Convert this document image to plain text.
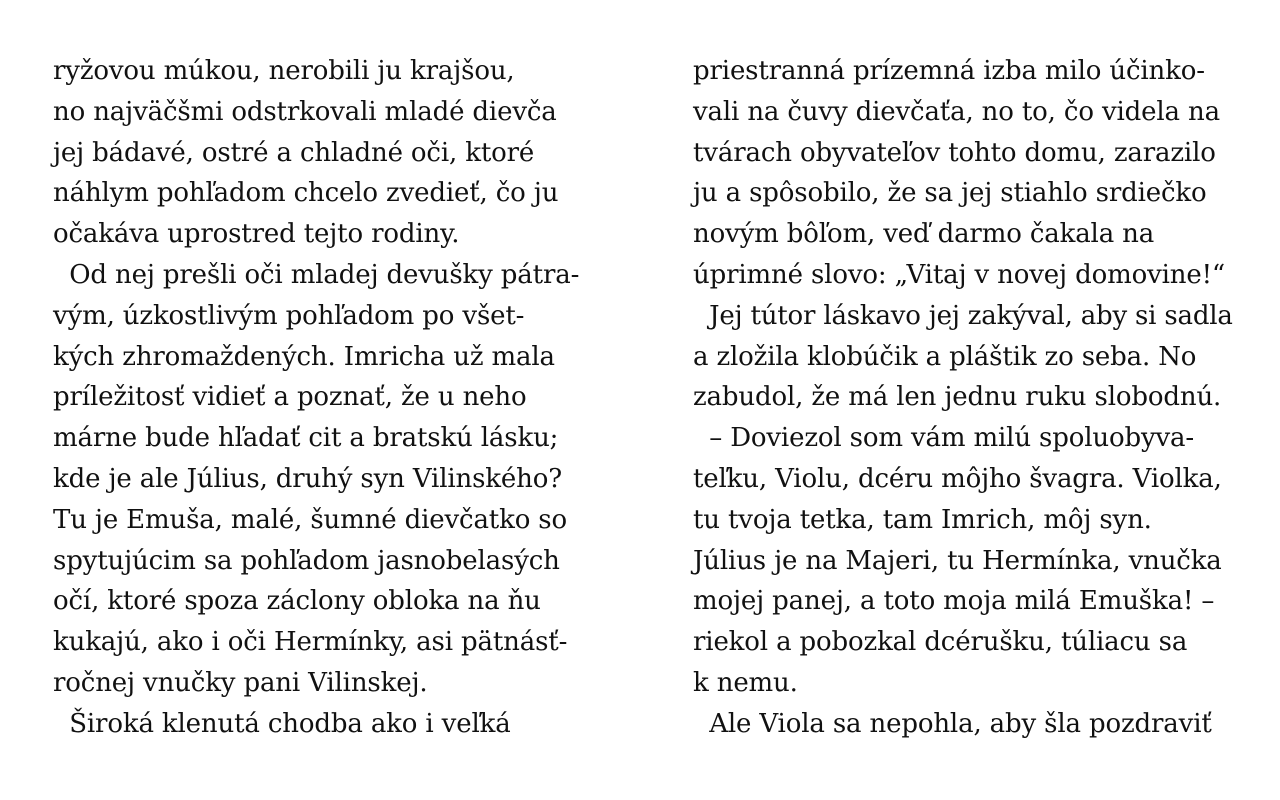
ryžovou múkou, nerobili ju krajšou,
no najväčšmi odstrkovali mladé dievča
jej bádavé, ostré a chladné oči, ktoré
náhlym pohľadom chcelo zvedieť, čo ju
očakáva uprostred tejto rodiny.
Od nej prešli oči mladej devušky pátra-
vým, úzkostlivým pohľadom po všet-
kých zhromaždených. Imricha už mala
príležitosť vidieť a poznať, že u neho
márne bude hľadať cit a bratskú lásku;
kde je ale Július, druhý syn Vilinského?
Tu je Emuša, malé, šumné dievčatko so
spytujúcim sa pohľadom jasnobelasých
očí, ktoré spoza záclony obloka na ňu
kukajú, ako i oči Hermínky, asi pätnásť-
ročnej vnučky pani Vilinskej.
Široká klenutá chodba ako i veľká
priestranná prízemná izba milo účinko-
vali na čuvy dievčaťa, no to, čo videla na
tvárach obyvateľov tohto domu, zarazilo
ju a spôsobilo, že sa jej stiahlo srdiečko
novým bôľom, veď darmo čakala na
úprimné slovo: „Vitaj v novej domovine!“
Jej tútor láskavo jej zakýval, aby si sadla
a zložila klobúčik a pláštik zo seba. No
zabudol, že má len jednu ruku slobodnú.
– Doviezol som vám milú spoluobyva-
teľku, Violu, dcéru môjho švagra. Violka,
tu tvoja tetka, tam Imrich, môj syn.
Július je na Majeri, tu Hermínka, vnučka
mojej panej, a toto moja milá Emuška! –
riekol a pobozkal dcérušku, túliacu sa
k nemu.
Ale Viola sa nepohla, aby šla pozdraviť
